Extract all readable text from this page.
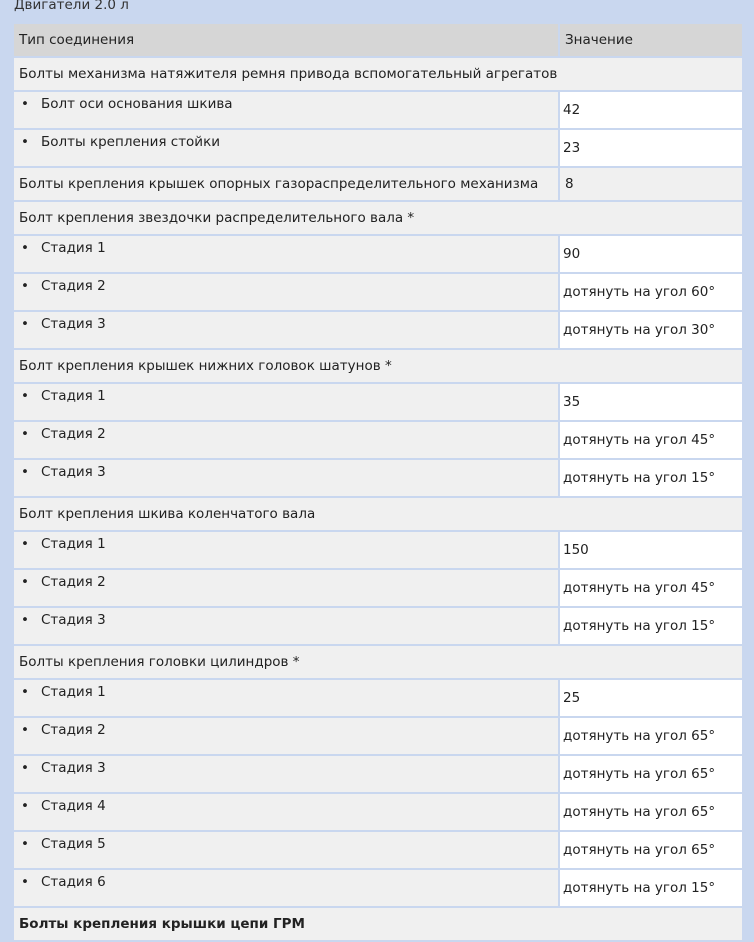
Двигатели 2.0 л
Тип соединения	Значение
Болты механизма натяжителя ремня привода вспомогательный агрегатов	
• Болт оси основания шкива	42
• Болты крепления стойки	23
Болты крепления крышек опорных газораспределительного механизма	8
Болт крепления звездочки распределительного вала *	
• Стадия 1	90
• Стадия 2	дотянуть на угол 60°
• Стадия 3	дотянуть на угол 30°
Болт крепления крышек нижних головок шатунов *	
• Стадия 1	35
• Стадия 2	дотянуть на угол 45°
• Стадия 3	дотянуть на угол 15°
Болт крепления шкива коленчатого вала	
• Стадия 1	150
• Стадия 2	дотянуть на угол 45°
• Стадия 3	дотянуть на угол 15°
Болты крепления головки цилиндров *	
• Стадия 1	25
• Стадия 2	дотянуть на угол 65°
• Стадия 3	дотянуть на угол 65°
• Стадия 4	дотянуть на угол 65°
• Стадия 5	дотянуть на угол 65°
• Стадия 6	дотянуть на угол 15°
Болты крепления крышки цепи ГРМ	
